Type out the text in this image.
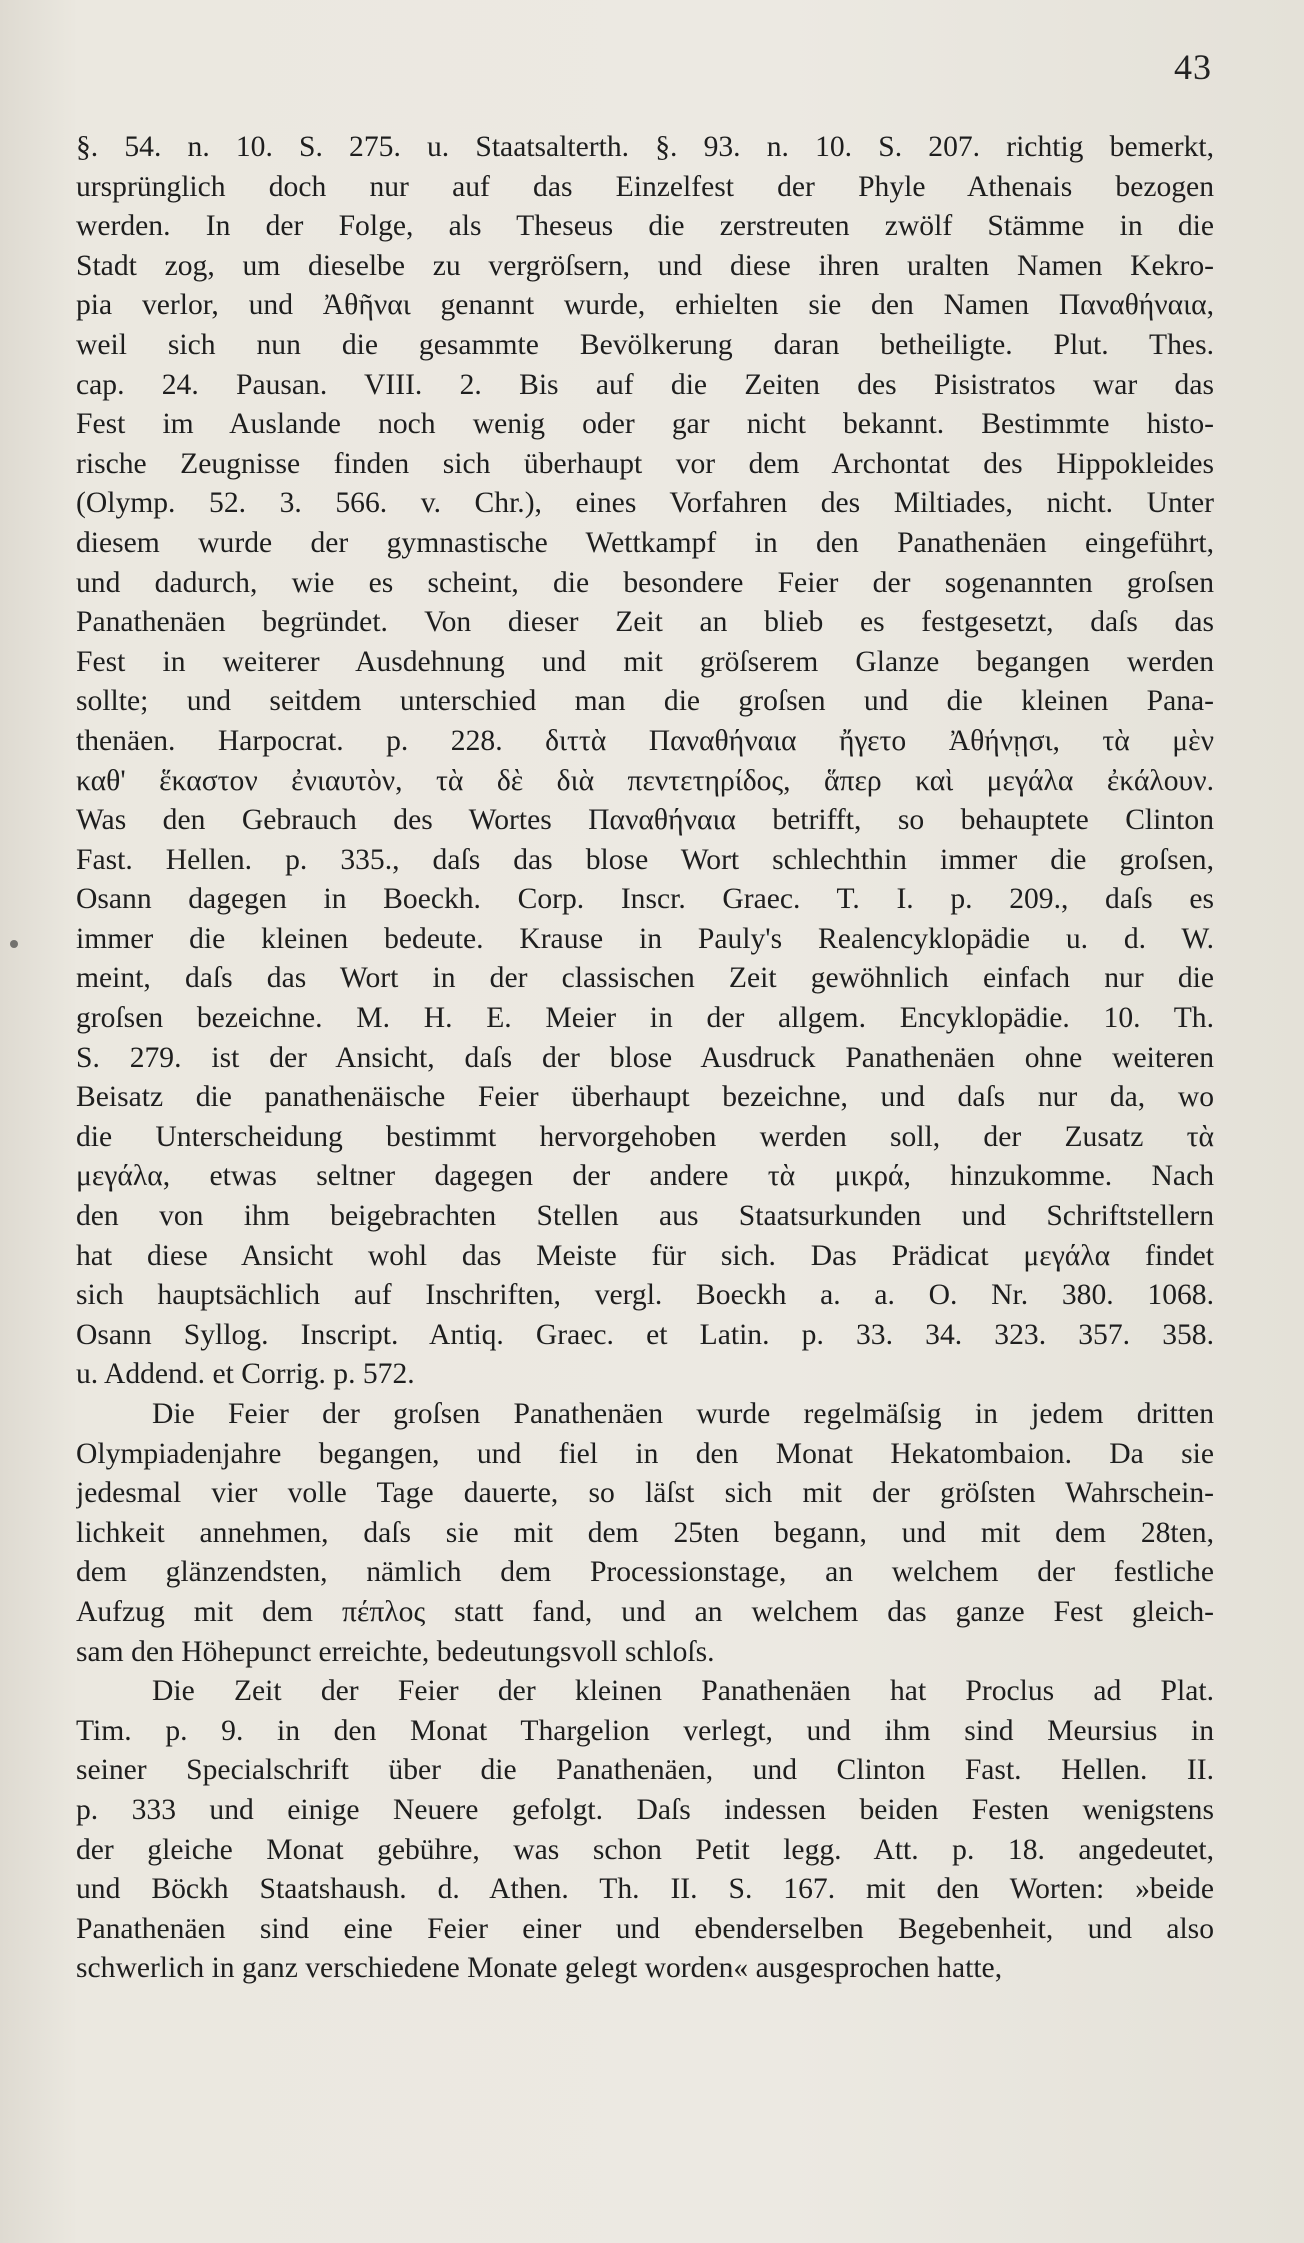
43
§. 54. n. 10. S. 275. u. Staatsalterth. §. 93. n. 10. S. 207. richtig bemerkt,
ursprünglich doch nur auf das Einzelfest der Phyle Athenais bezogen
werden. In der Folge, als Theseus die zerstreuten zwölf Stämme in die
Stadt zog, um dieselbe zu vergröſsern, und diese ihren uralten Namen Kekro-
pia verlor, und Ἀθῆναι genannt wurde, erhielten sie den Namen Παναθήναια,
weil sich nun die gesammte Bevölkerung daran betheiligte. Plut. Thes.
cap. 24. Pausan. VIII. 2. Bis auf die Zeiten des Pisistratos war das
Fest im Auslande noch wenig oder gar nicht bekannt. Bestimmte histo-
rische Zeugnisse finden sich überhaupt vor dem Archontat des Hippokleides
(Olymp. 52. 3. 566. v. Chr.), eines Vorfahren des Miltiades, nicht. Unter
diesem wurde der gymnastische Wettkampf in den Panathenäen eingeführt,
und dadurch, wie es scheint, die besondere Feier der sogenannten groſsen
Panathenäen begründet. Von dieser Zeit an blieb es festgesetzt, daſs das
Fest in weiterer Ausdehnung und mit gröſserem Glanze begangen werden
sollte; und seitdem unterschied man die groſsen und die kleinen Pana-
thenäen. Harpocrat. p. 228. διττὰ Παναθήναια ἤγετο Ἀθήνῃσι, τὰ μὲν
καθ' ἕκαστον ἐνιαυτὸν, τὰ δὲ διὰ πεντετηρίδος, ἅπερ καὶ μεγάλα ἐκάλουν.
Was den Gebrauch des Wortes Παναθήναια betrifft, so behauptete Clinton
Fast. Hellen. p. 335., daſs das blose Wort schlechthin immer die groſsen,
Osann dagegen in Boeckh. Corp. Inscr. Graec. T. I. p. 209., daſs es
immer die kleinen bedeute. Krause in Pauly's Realencyklopädie u. d. W.
meint, daſs das Wort in der classischen Zeit gewöhnlich einfach nur die
groſsen bezeichne. M. H. E. Meier in der allgem. Encyklopädie. 10. Th.
S. 279. ist der Ansicht, daſs der blose Ausdruck Panathenäen ohne weiteren
Beisatz die panathenäische Feier überhaupt bezeichne, und daſs nur da, wo
die Unterscheidung bestimmt hervorgehoben werden soll, der Zusatz τὰ
μεγάλα, etwas seltner dagegen der andere τὰ μικρά, hinzukomme. Nach
den von ihm beigebrachten Stellen aus Staatsurkunden und Schriftstellern
hat diese Ansicht wohl das Meiste für sich. Das Prädicat μεγάλα findet
sich hauptsächlich auf Inschriften, vergl. Boeckh a. a. O. Nr. 380. 1068.
Osann Syllog. Inscript. Antiq. Graec. et Latin. p. 33. 34. 323. 357. 358.
u. Addend. et Corrig. p. 572.
Die Feier der groſsen Panathenäen wurde regelmäſsig in jedem dritten
Olympiadenjahre begangen, und fiel in den Monat Hekatombaion. Da sie
jedesmal vier volle Tage dauerte, so läſst sich mit der gröſsten Wahrschein-
lichkeit annehmen, daſs sie mit dem 25ten begann, und mit dem 28ten,
dem glänzendsten, nämlich dem Processionstage, an welchem der festliche
Aufzug mit dem πέπλος statt fand, und an welchem das ganze Fest gleich-
sam den Höhepunct erreichte, bedeutungsvoll schloſs.
Die Zeit der Feier der kleinen Panathenäen hat Proclus ad Plat.
Tim. p. 9. in den Monat Thargelion verlegt, und ihm sind Meursius in
seiner Specialschrift über die Panathenäen, und Clinton Fast. Hellen. II.
p. 333 und einige Neuere gefolgt. Daſs indessen beiden Festen wenigstens
der gleiche Monat gebühre, was schon Petit legg. Att. p. 18. angedeutet,
und Böckh Staatshaush. d. Athen. Th. II. S. 167. mit den Worten: »beide
Panathenäen sind eine Feier einer und ebenderselben Begebenheit, und also
schwerlich in ganz verschiedene Monate gelegt worden« ausgesprochen hatte,
